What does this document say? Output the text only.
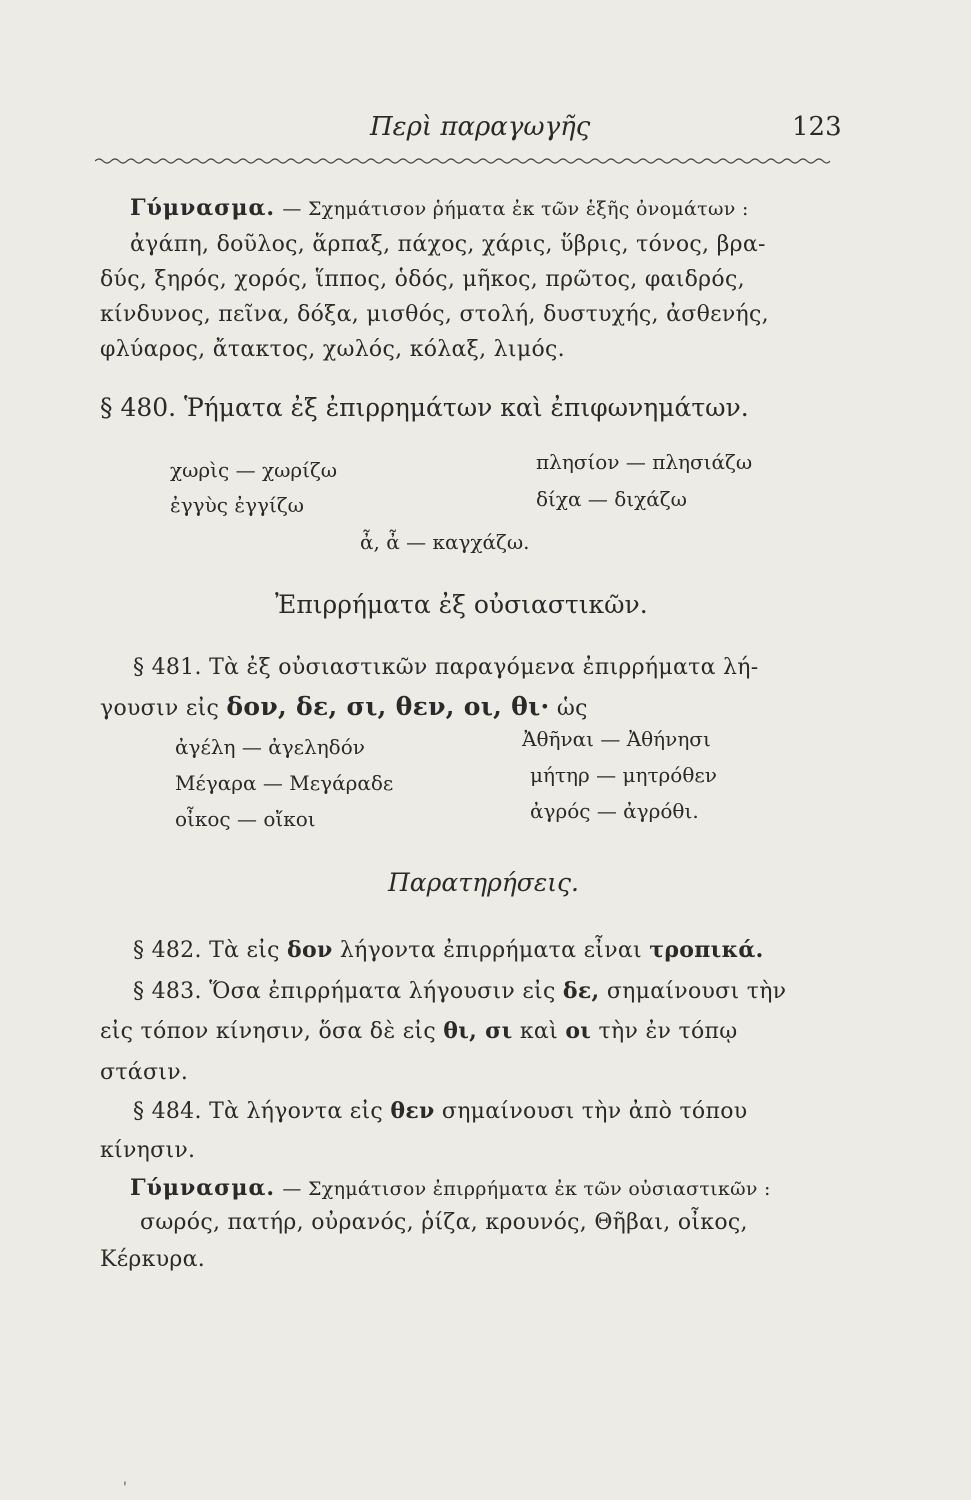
Περὶ παραγωγῆς	123
Γύμνασμα. — Σχημάτισον ῥήματα ἐκ τῶν ἑξῆς ὀνομάτων :
ἀγάπη, δοῦλος, ἅρπαξ, πάχος, χάρις, ὕβρις, τόνος, βρα-
δύς, ξηρός, χορός, ἵππος, ὁδός, μῆκος, πρῶτος, φαιδρός,
κίνδυνος, πεῖνα, δόξα, μισθός, στολή, δυστυχής, ἀσθενής,
φλύαρος, ἄτακτος, χωλός, κόλαξ, λιμός.
§ 480. Ῥήματα ἐξ ἐπιρρημάτων καὶ ἐπιφωνημάτων.
χωρὶς — χωρίζω
ἐγγὺς ἐγγίζω
πλησίον — πλησιάζω
δίχα — διχάζω
ἆ, ἆ — καγχάζω.
Ἐπιρρήματα ἐξ οὐσιαστικῶν.
§ 481. Τὰ ἐξ οὐσιαστικῶν παραγόμενα ἐπιρρήματα λή-
γουσιν εἰς δον, δε, σι, θεν, οι, θι· ὡς
ἀγέλη — ἀγεληδόν
Μέγαρα — Μεγάραδε
οἶκος — οἴκοι
Ἀθῆναι — Ἀθήνησι
μήτηρ — μητρόθεν
ἀγρός — ἀγρόθι.
Παρατηρήσεις.
§ 482. Τὰ εἰς δον λήγοντα ἐπιρρήματα εἶναι τροπικά.
§ 483. Ὅσα ἐπιρρήματα λήγουσιν εἰς δε, σημαίνουσι τὴν
εἰς τόπον κίνησιν, ὅσα δὲ εἰς θι, σι καὶ οι τὴν ἐν τόπῳ
στάσιν.
§ 484. Τὰ λήγοντα εἰς θεν σημαίνουσι τὴν ἀπὸ τόπου
κίνησιν.
Γύμνασμα. — Σχημάτισον ἐπιρρήματα ἐκ τῶν οὐσιαστικῶν :
σωρός, πατήρ, οὐρανός, ῥίζα, κρουνός, Θῆβαι, οἶκος,
Κέρκυρα.
'
